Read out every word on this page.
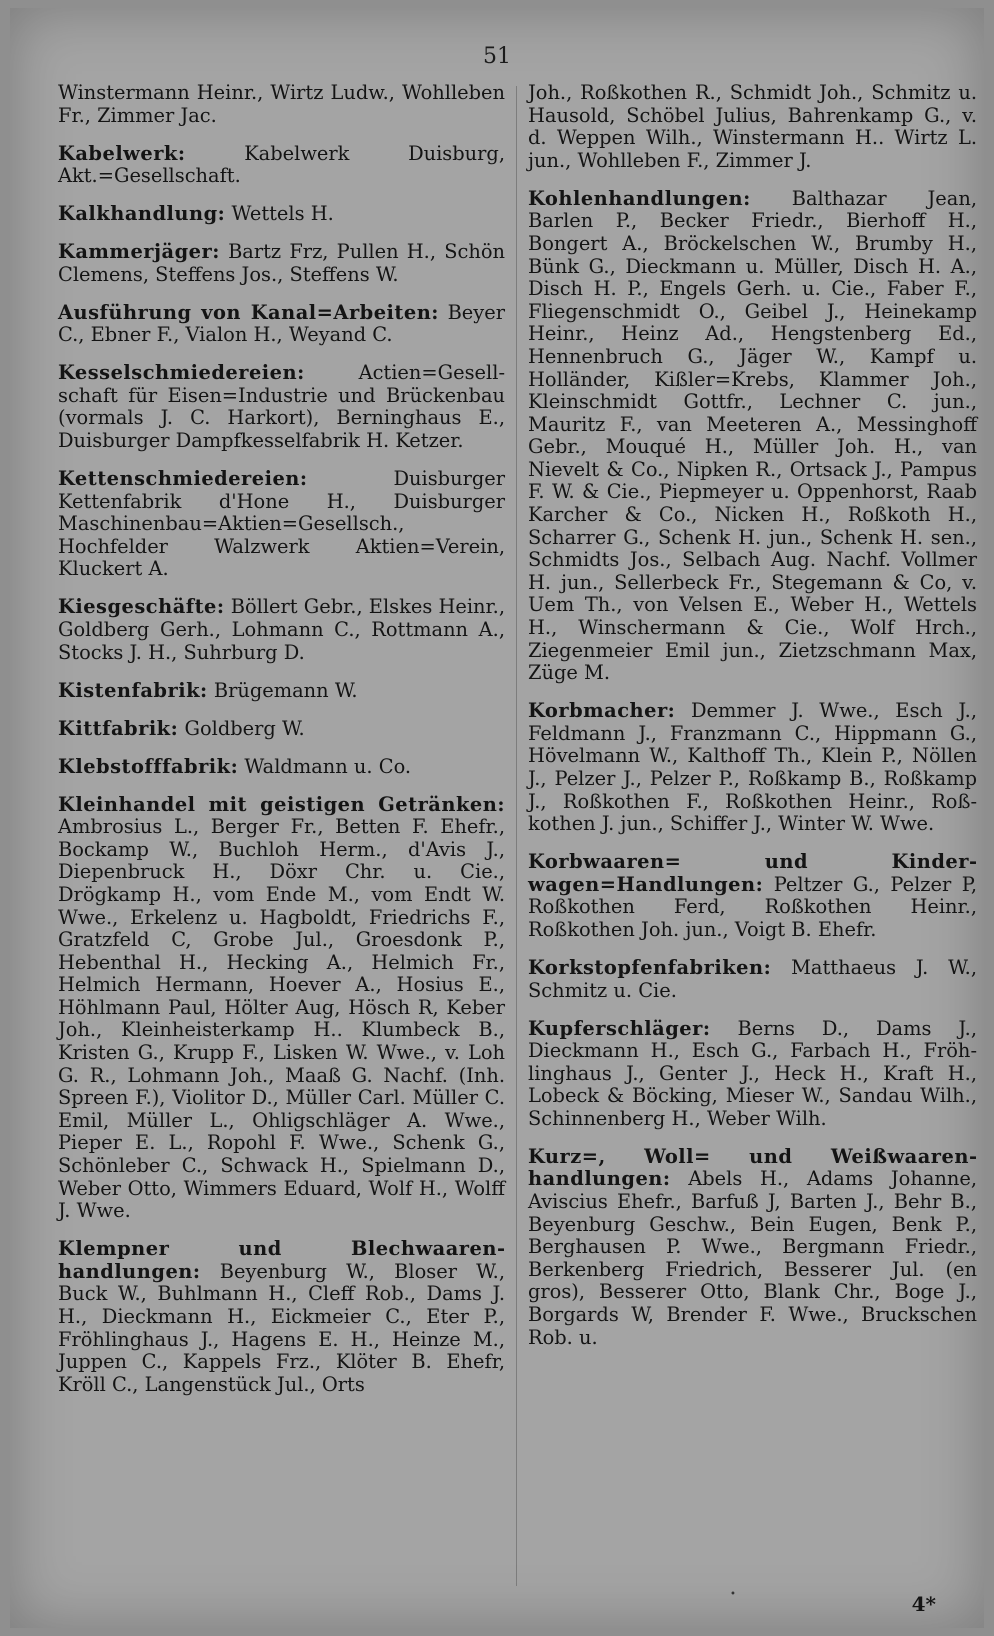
51

Winstermann Heinr., Wirtz Ludw., Wohlleben Fr., Zimmer Jac.

Kabelwerk:	Kabelwerk Duisburg, Akt.=Gesellschaft.

Kalkhandlung: Wettels H.

Kammerjäger: Bartz Frz, Pullen H., Schön Clemens, Steffens Jos., Steffens W.

Ausführung von Kanal=Arbeiten: Beyer C., Ebner F., Vialon H., Weyand C.

Kesselschmiedereien:	Actien=Gesellschaft für Eisen=Industrie und Brückenbau (vormals J. C. Harkort), Berninghaus E., Duisburger Dampfkesselfabrik H. Ketzer.

Kettenschmiedereien:	Duisburger Kettenfabrik d'Hone H., Duisburger Maschinenbau=Aktien=Gesellsch., Hochfelder Walzwerk Aktien=Verein, Kluckert A.

Kiesgeschäfte: Böllert Gebr., Elskes Heinr., Goldberg Gerh., Lohmann C., Rottmann A., Stocks J. H., Suhrburg D.

Kistenfabrik: Brügemann W.

Kittfabrik: Goldberg W.

Klebstofffabrik: Waldmann u. Co.

Kleinhandel mit geistigen Getränken: Ambrosius L., Berger Fr., Betten F. Ehefr., Bockamp W., Buchloh Herm., d'Avis J., Diepenbruck H., Döxr Chr. u. Cie., Drögkamp H., vom Ende M., vom Endt W. Wwe., Erkelenz u. Hagboldt, Friedrichs F., Gratzfeld C, Grobe Jul., Groesdonk P., Hebenthal H., Hecking A., Helmich Fr., Helmich Hermann, Hoever A., Hosius E., Höhlmann Paul, Hölter Aug, Hösch R, Keber Joh., Kleinheisterkamp H.. Klumbeck B., Kristen G., Krupp F., Lisken W. Wwe., v. Loh G. R., Lohmann Joh., Maaß G. Nachf. (Inh. Spreen F.), Violitor D., Müller Carl. Müller C. Emil, Müller L., Ohligschläger A. Wwe., Pieper E. L., Ropohl F. Wwe., Schenk G., Schönleber C., Schwack H., Spielmann D., Weber Otto, Wimmers Eduard, Wolf H., Wolff J. Wwe.

Klempner und Blechwaarenhandlungen: Beyenburg W., Bloser W., Buck W., Buhlmann H., Cleff Rob., Dams J. H., Dieckmann H., Eickmeier C., Eter P., Fröhlinghaus J., Hagens E. H., Heinze M., Juppen C., Kappels Frz., Klöter B. Ehefr, Kröll C., Langenstück Jul., Orts

Joh., Roßkothen R., Schmidt Joh., Schmitz u. Hausold, Schöbel Julius, Bahrenkamp G., v. d. Weppen Wilh., Winstermann H.. Wirtz L. jun., Wohlleben F., Zimmer J.

Kohlenhandlungen: Balthazar Jean, Barlen P., Becker Friedr., Bierhoff H., Bongert A., Bröckelschen W., Brumby H., Bünk G., Dieckmann u. Müller, Disch H. A., Disch H. P., Engels Gerh. u. Cie., Faber F., Fliegenschmidt O., Geibel J., Heinekamp Heinr., Heinz Ad., Hengstenberg Ed., Hennenbruch G., Jäger W., Kampf u. Holländer, Kißler=Krebs, Klammer Joh., Kleinschmidt Gottfr., Lechner C. jun., Mauritz F., van Meeteren A., Messinghoff Gebr., Mouqué H., Müller Joh. H., van Nievelt & Co., Nipken R., Ortsack J., Pampus F. W. & Cie., Piepmeyer u. Oppenhorst, Raab Karcher & Co., Nicken H., Roßkoth H., Scharrer G., Schenk H. jun., Schenk H. sen., Schmidts Jos., Selbach Aug. Nachf. Vollmer H. jun., Sellerbeck Fr., Stegemann & Co, v. Uem Th., von Velsen E., Weber H., Wettels H., Winschermann & Cie., Wolf Hrch., Ziegenmeier Emil jun., Zietzschmann Max, Züge M.

Korbmacher: Demmer J. Wwe., Esch J., Feldmann J., Franzmann C., Hippmann G., Hövelmann W., Kalthoff Th., Klein P., Nöllen J., Pelzer J., Pelzer P., Roßkamp B., Roßkamp J., Roßkothen F., Roßkothen Heinr., Roßkothen J. jun., Schiffer J., Winter W. Wwe.

Korbwaaren= und Kinderwagen=Handlungen: Peltzer G., Pelzer P, Roßkothen Ferd, Roßkothen Heinr., Roßkothen Joh. jun., Voigt B. Ehefr.

Korkstopfenfabriken: Matthaeus J. W., Schmitz u. Cie.

Kupferschläger: Berns D., Dams J., Dieckmann H., Esch G., Farbach H., Fröhlinghaus J., Genter J., Heck H., Kraft H., Lobeck & Böcking, Mieser W., Sandau Wilh., Schinnenberg H., Weber Wilh.

Kurz=, Woll= und Weißwaarenhandlungen: Abels H., Adams Johanne, Aviscius Ehefr., Barfuß J, Barten J., Behr B., Beyenburg Geschw., Bein Eugen, Benk P., Berghausen P. Wwe., Bergmann Friedr., Berkenberg Friedrich, Besserer Jul. (en gros), Besserer Otto, Blank Chr., Boge J., Borgards W, Brender F. Wwe., Bruckschen Rob. u.

•	4*
